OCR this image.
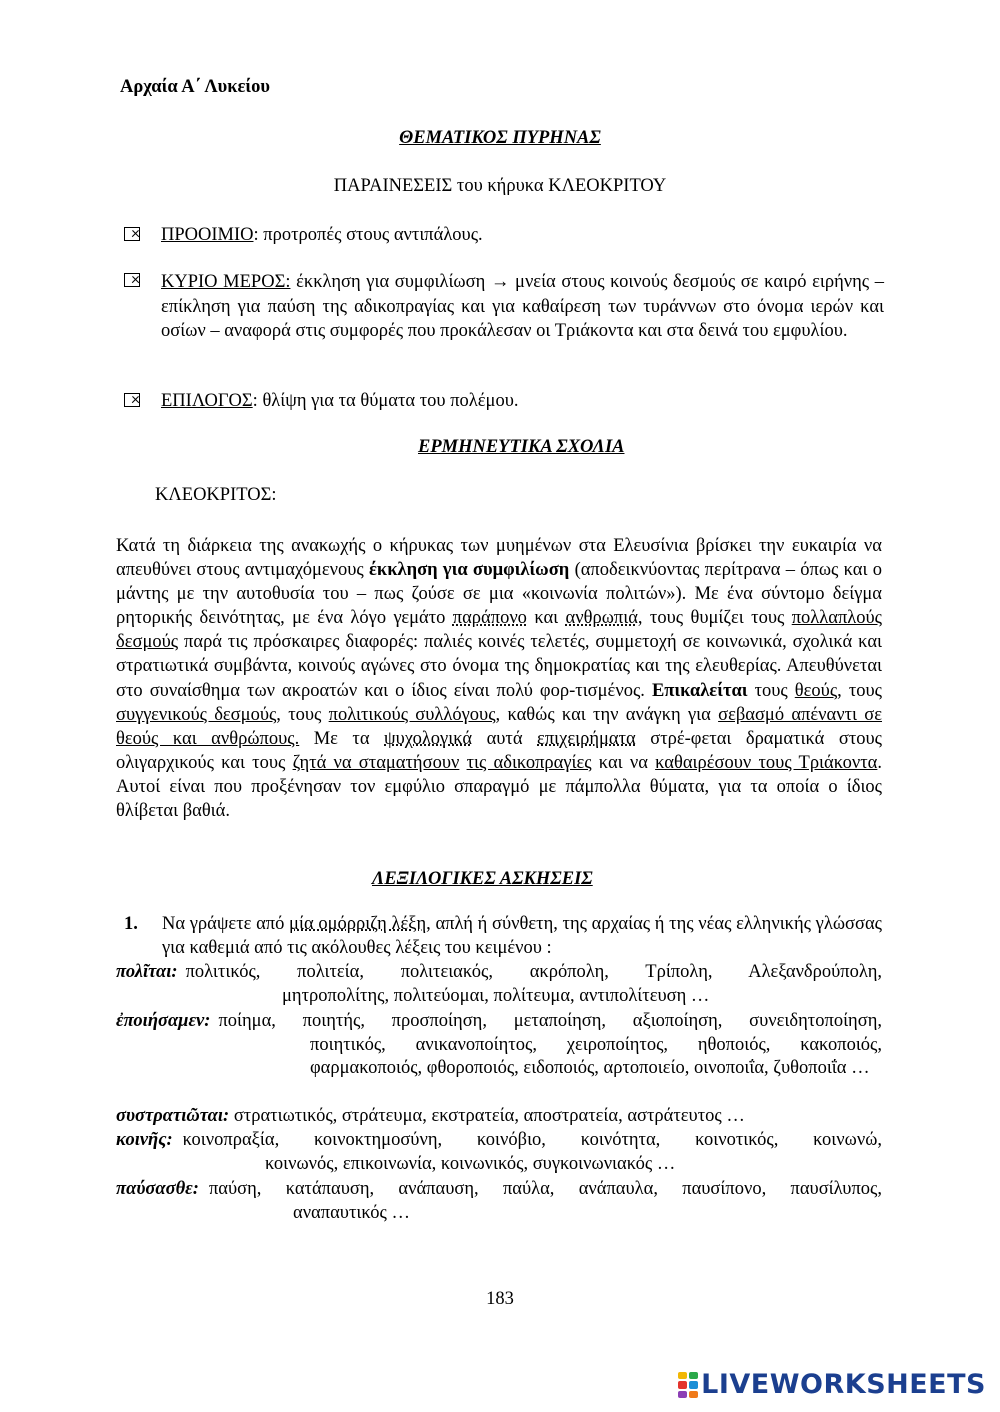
Αρχαία Α΄ Λυκείου
ΘΕΜΑΤΙΚΟΣ ΠΥΡΗΝΑΣ
ΠΑΡΑΙΝΕΣΕΙΣ του κήρυκα ΚΛΕΟΚΡΙΤΟΥ
ΠΡΟΟΙΜΙΟ: προτροπές στους αντιπάλους.
ΚΥΡΙΟ ΜΕΡΟΣ: έκκληση για συμφιλίωση → μνεία στους κοινούς δεσμούς σε καιρό ειρήνης – επίκληση για παύση της αδικοπραγίας και για καθαίρεση των τυράννων στο όνομα ιερών και οσίων – αναφορά στις συμφορές που προκάλεσαν οι Τριάκοντα και στα δεινά του εμφυλίου.
ΕΠΙΛΟΓΟΣ: θλίψη για τα θύματα του πολέμου.
ΕΡΜΗΝΕΥΤΙΚΑ ΣΧΟΛΙΑ
ΚΛΕΟΚΡΙΤΟΣ:
Κατά τη διάρκεια της ανακωχής ο κήρυκας των μυημένων στα Ελευσίνια βρίσκει την ευκαιρία να απευθύνει στους αντιμαχόμενους έκκληση για συμφιλίωση (αποδεικνύοντας περίτρανα – όπως και ο μάντης με την αυτοθυσία του – πως ζούσε σε μια «κοινωνία πολιτών»). Με ένα σύντομο δείγμα ρητορικής δεινότητας, με ένα λόγο γεμάτο παράπονο και ανθρωπιά, τους θυμίζει τους πολλαπλούς δεσμούς παρά τις πρόσκαιρες διαφορές: παλιές κοινές τελετές, συμμετοχή σε κοινωνικά, σχολικά και στρατιωτικά συμβάντα, κοινούς αγώνες στο όνομα της δημοκρατίας και της ελευθερίας. Απευθύνεται στο συναίσθημα των ακροατών και ο ίδιος είναι πολύ φορ-τισμένος. Επικαλείται τους θεούς, τους συγγενικούς δεσμούς, τους πολιτικούς συλλόγους, καθώς και την ανάγκη για σεβασμό απέναντι σε θεούς και ανθρώπους. Με τα ψυχολογικά αυτά επιχειρήματα στρέ-φεται δραματικά στους ολιγαρχικούς και τους ζητά να σταματήσουν τις αδικοπραγίες και να καθαιρέσουν τους Τριάκοντα. Αυτοί είναι που προξένησαν τον εμφύλιο σπαραγμό με πάμπολλα θύματα, για τα οποία ο ίδιος θλίβεται βαθιά.
ΛΕΞΙΛΟΓΙΚΕΣ ΑΣΚΗΣΕΙΣ
1. Να γράψετε από μία ομόρριζη λέξη, απλή ή σύνθετη, της αρχαίας ή της νέας ελληνικής γλώσσας για καθεμιά από τις ακόλουθες λέξεις του κειμένου :
πολῖται: πολιτικός, πολιτεία, πολιτειακός, ακρόπολη, Τρίπολη, Αλεξανδρούπολη,
μητροπολίτης, πολιτεύομαι, πολίτευμα, αντιπολίτευση …
ἐποιήσαμεν: ποίημα, ποιητής, προσποίηση, μεταποίηση, αξιοποίηση, συνειδητοποίηση,
ποιητικός, ανικανοποίητος, χειροποίητος, ηθοποιός, κακοποιός, φαρμακοποιός, φθοροποιός, ειδοποιός, αρτοποιείο, οινοποιΐα, ζυθοποιΐα …
συστρατιῶται: στρατιωτικός, στράτευμα, εκστρατεία, αποστρατεία, αστράτευτος …
κοινῆς: κοινοπραξία, κοινοκτημοσύνη, κοινόβιο, κοινότητα, κοινοτικός, κοινωνώ,
κοινωνός, επικοινωνία, κοινωνικός, συγκοινωνιακός …
παύσασθε: παύση, κατάπαυση, ανάπαυση, παύλα, ανάπαυλα, παυσίπονο, παυσίλυπος,
αναπαυτικός …
183
LIVEWORKSHEETS
